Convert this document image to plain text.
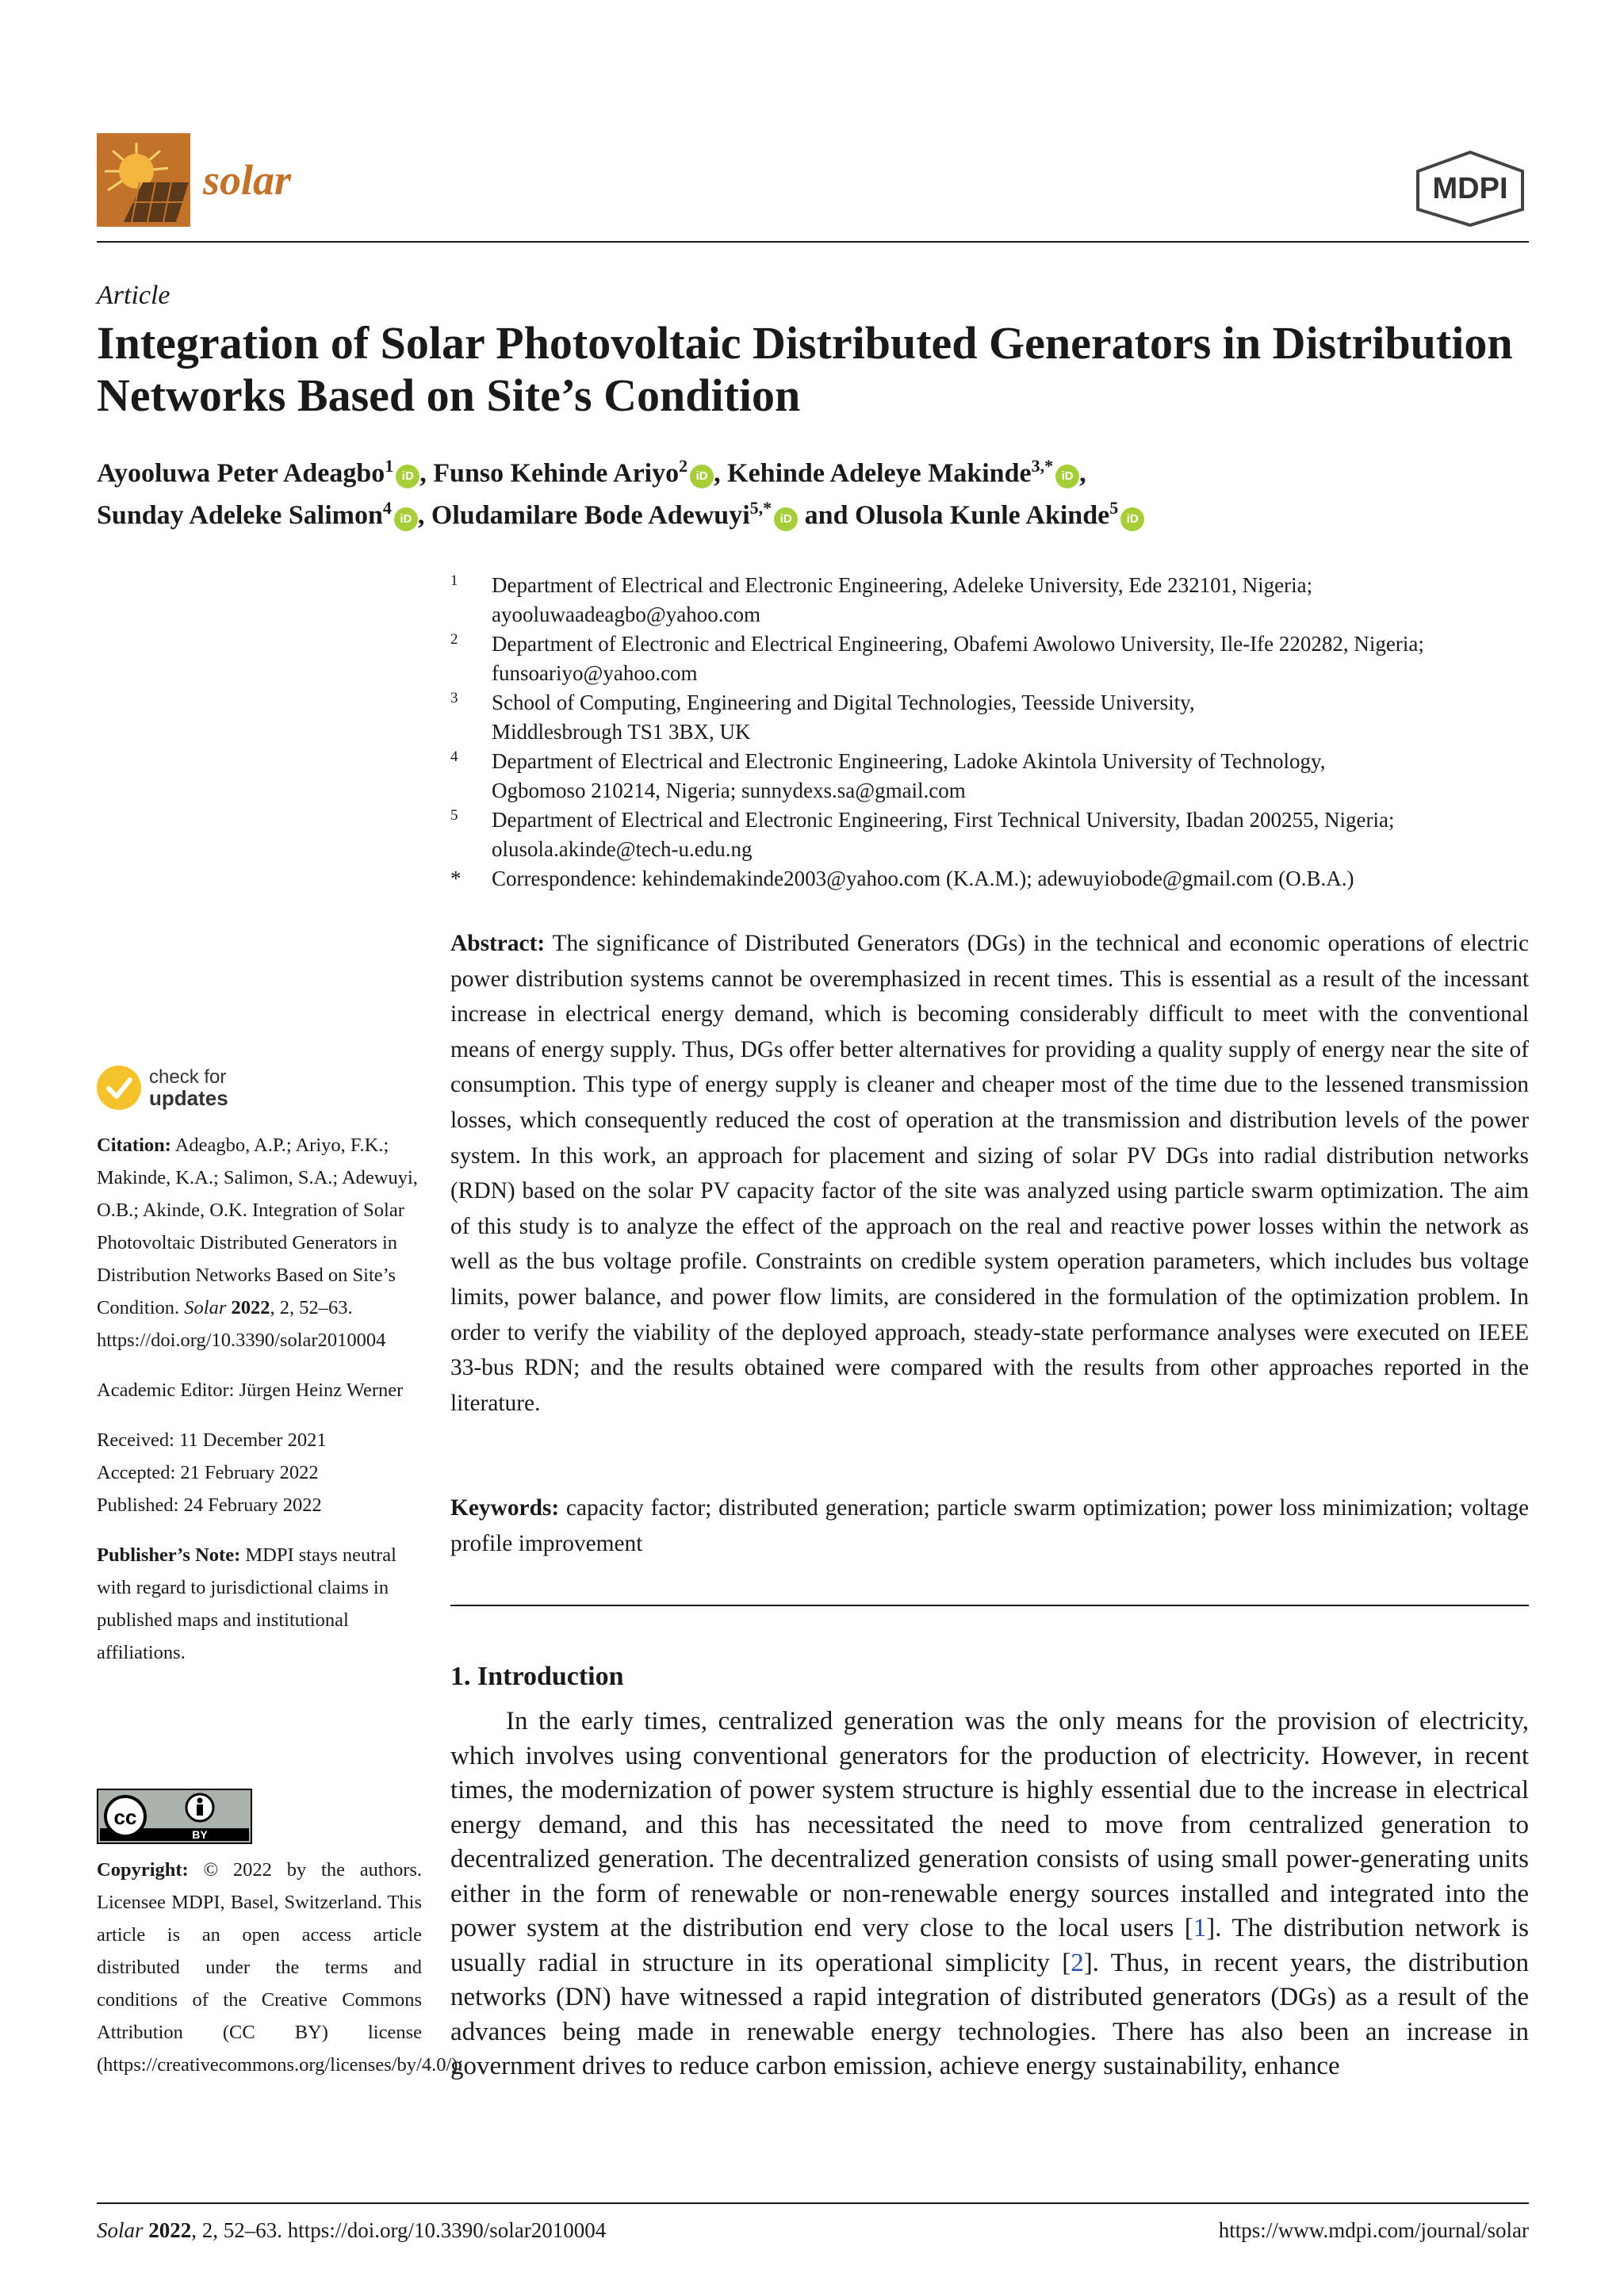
solar	MDPI
Article
Integration of Solar Photovoltaic Distributed Generators in Distribution Networks Based on Site’s Condition
Ayooluwa Peter Adeagbo$^1$iD , Funso Kehinde Ariyo$^2$iD , Kehinde Adeleye Makinde$^{3,*}$iD ,
Sunday Adeleke Salimon$^4$iD , Oludamilare Bode Adewuyi$^{5,*}$iD and Olusola Kunle Akinde$^5$iD
1 Department of Electrical and Electronic Engineering, Adeleke University, Ede 232101, Nigeria;
ayooluwaadeagbo@yahoo.com
2 Department of Electronic and Electrical Engineering, Obafemi Awolowo University, Ile-Ife 220282, Nigeria;
funsoariyo@yahoo.com
3 School of Computing, Engineering and Digital Technologies, Teesside University,
Middlesbrough TS1 3BX, UK
4 Department of Electrical and Electronic Engineering, Ladoke Akintola University of Technology,
Ogbomoso 210214, Nigeria; sunnydexs.sa@gmail.com
5 Department of Electrical and Electronic Engineering, First Technical University, Ibadan 200255, Nigeria;
olusola.akinde@tech-u.edu.ng
* Correspondence: kehindemakinde2003@yahoo.com (K.A.M.); adewuyiobode@gmail.com (O.B.A.)

Abstract: The significance of Distributed Generators (DGs) in the technical and economic operations of electric power distribution systems cannot be overemphasized in recent times. This is essential as a result of the incessant increase in electrical energy demand, which is becoming considerably difficult to meet with the conventional means of energy supply. Thus, DGs offer better alternatives for providing a quality supply of energy near the site of consumption. This type of energy supply is cleaner and cheaper most of the time due to the lessened transmission losses, which consequently reduced the cost of operation at the transmission and distribution levels of the power system. In this work, an approach for placement and sizing of solar PV DGs into radial distribution networks (RDN) based on the solar PV capacity factor of the site was analyzed using particle swarm optimization. The aim of this study is to analyze the effect of the approach on the real and reactive power losses within the network as well as the bus voltage profile. Constraints on credible system operation parameters, which includes bus voltage limits, power balance, and power flow limits, are considered in the formulation of the optimization problem. In order to verify the viability of the deployed approach, steady-state performance analyses were executed on IEEE 33-bus RDN; and the results obtained were compared with the results from other approaches reported in the literature.

Keywords: capacity factor; distributed generation; particle swarm optimization; power loss minimization; voltage profile improvement

1. Introduction

In the early times, centralized generation was the only means for the provision of electricity, which involves using conventional generators for the production of electricity. However, in recent times, the modernization of power system structure is highly essential due to the increase in electrical energy demand, and this has necessitated the need to move from centralized generation to decentralized generation. The decentralized generation consists of using small power-generating units either in the form of renewable or non-renewable energy sources installed and integrated into the power system at the distribution end very close to the local users [1]. The distribution network is usually radial in structure in its operational simplicity [2]. Thus, in recent years, the distribution networks (DN) have witnessed a rapid integration of distributed generators (DGs) as a result of the advances being made in renewable energy technologies. There has also been an increase in government drives to reduce carbon emission, achieve energy sustainability, enhance

check for
updates

Citation: Adeagbo, A.P.; Ariyo, F.K.; Makinde, K.A.; Salimon, S.A.; Adewuyi, O.B.; Akinde, O.K. Integration of Solar Photovoltaic Distributed Generators in Distribution Networks Based on Site’s Condition. Solar 2022, 2, 52–63. https://doi.org/10.3390/solar2010004

Academic Editor: Jürgen Heinz Werner

Received: 11 December 2021

Accepted: 21 February 2022

Published: 24 February 2022

Publisher’s Note: MDPI stays neutral with regard to jurisdictional claims in published maps and institutional affiliations.

cc
BY

Copyright: © 2022 by the authors. Licensee MDPI, Basel, Switzerland. This article is an open access article distributed under the terms and conditions of the Creative Commons Attribution (CC BY) license (https://creativecommons.org/licenses/by/4.0/).

Solar 2022, 2, 52–63. https://doi.org/10.3390/solar2010004	https://www.mdpi.com/journal/solar
